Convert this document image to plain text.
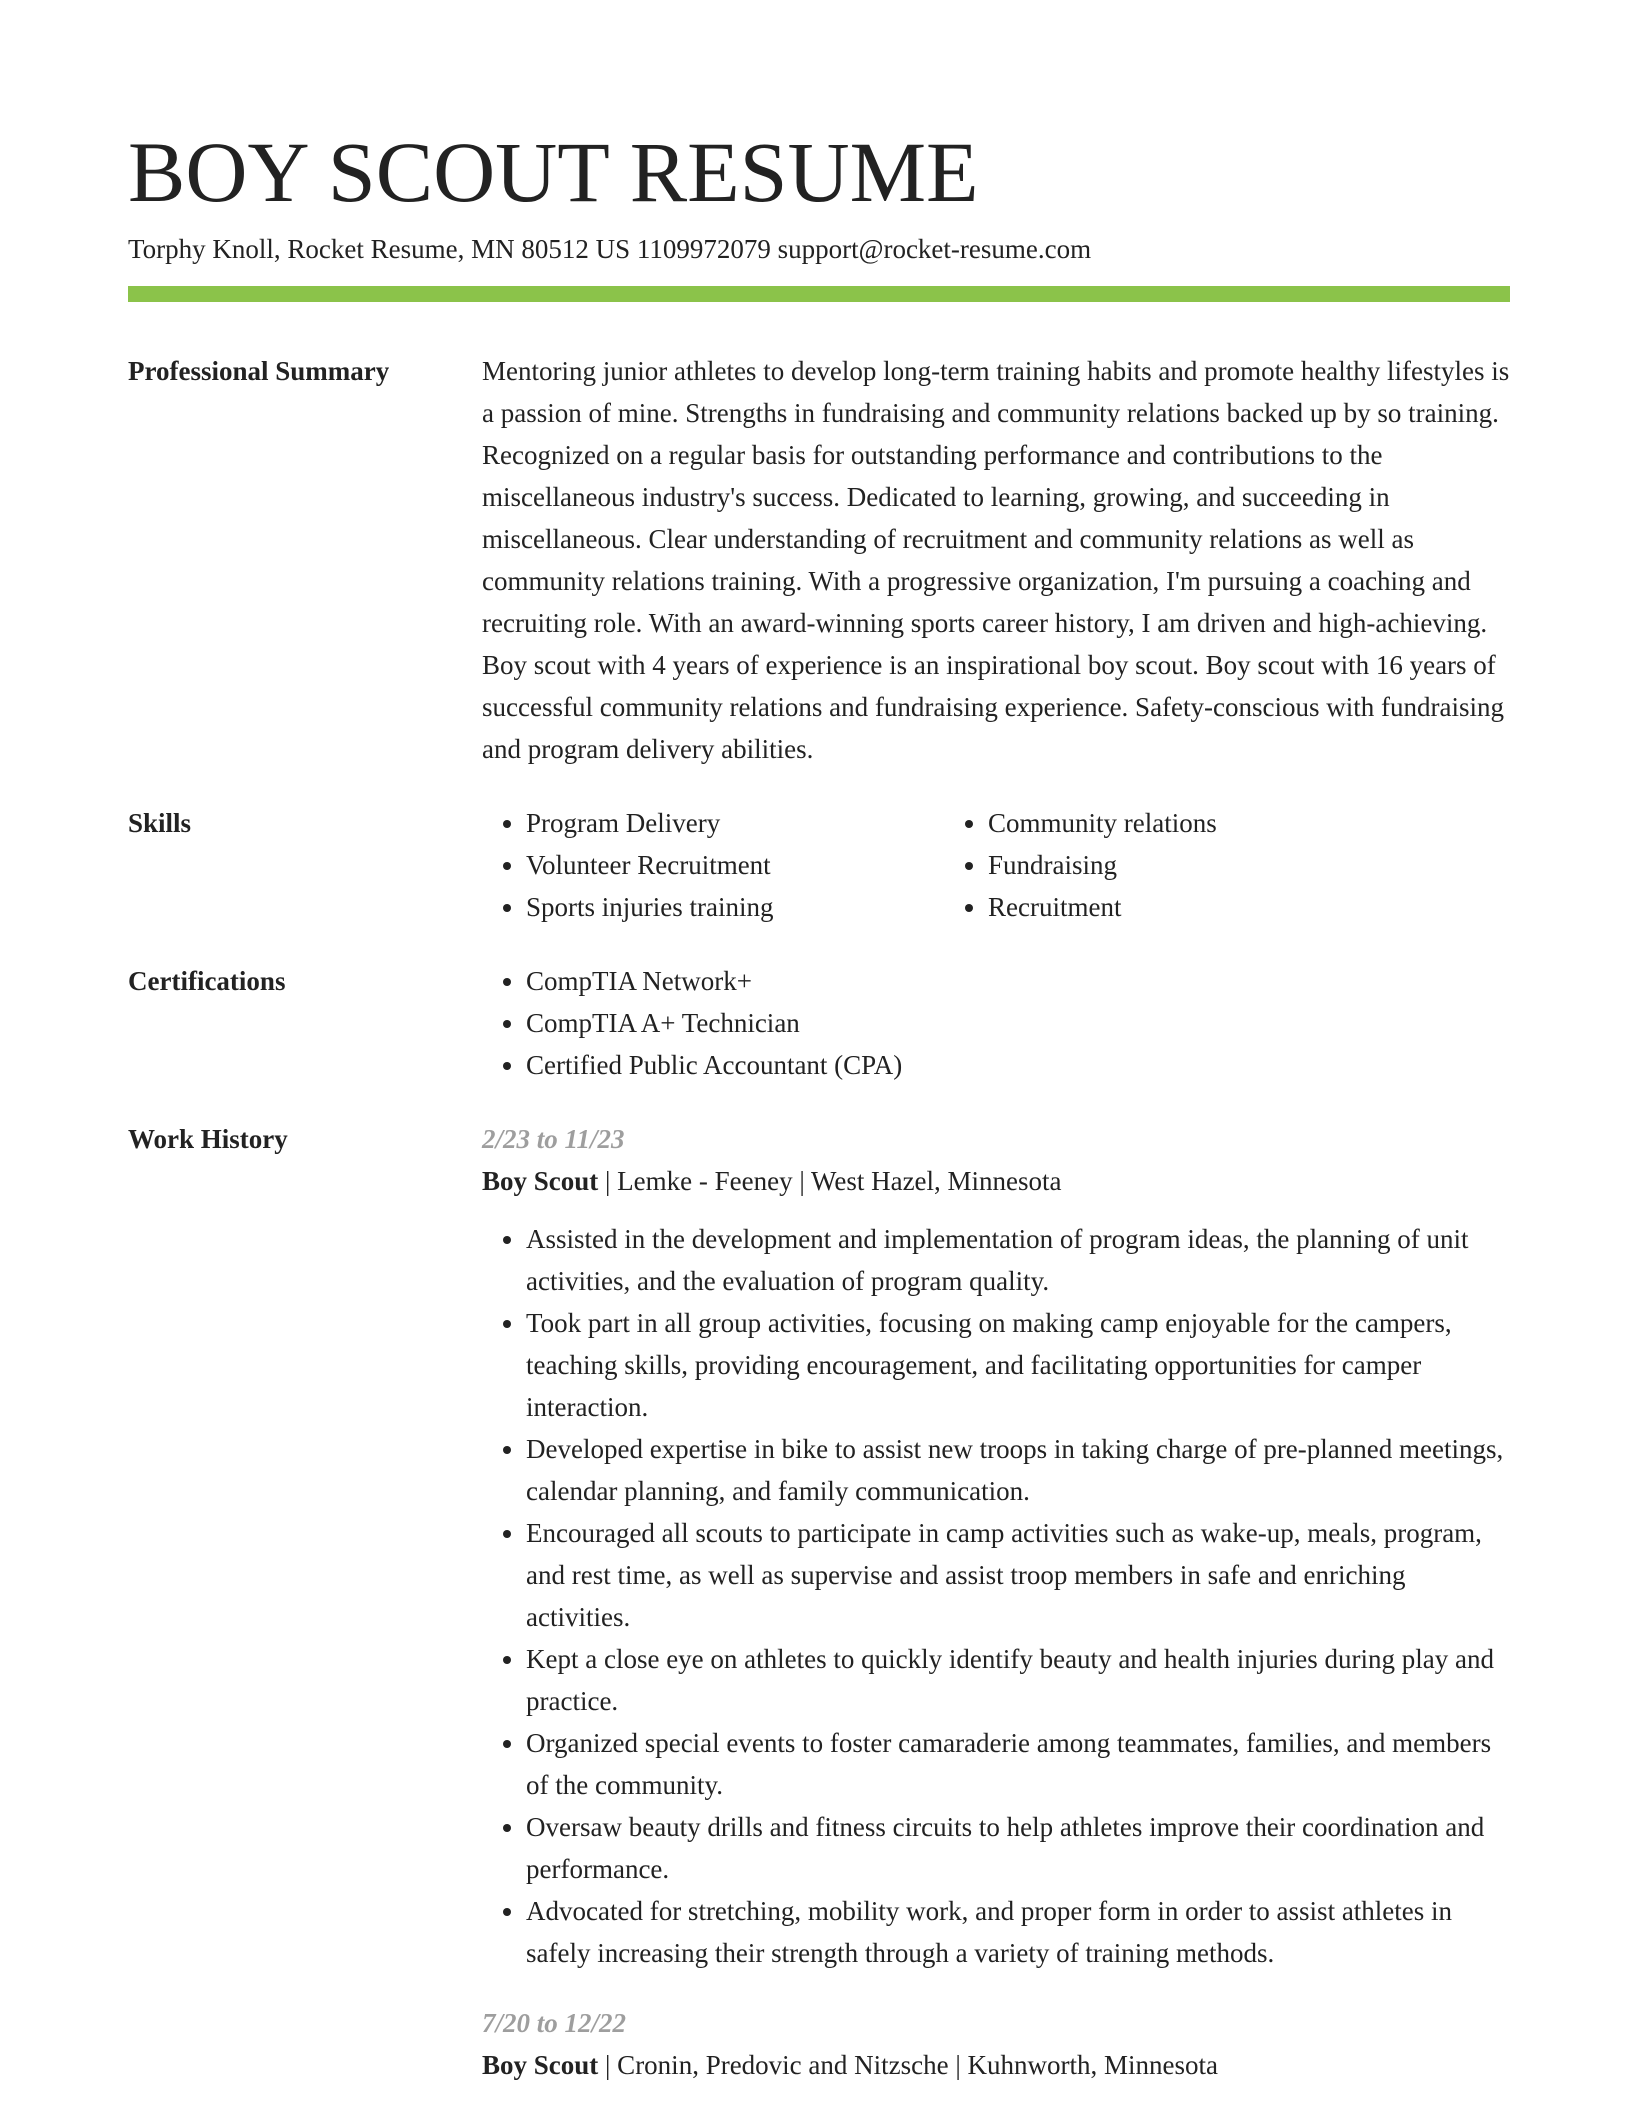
BOY SCOUT RESUME
Torphy Knoll, Rocket Resume, MN 80512 US 1109972079 support@rocket-resume.com
Professional Summary	Mentoring junior athletes to develop long-term training habits and promote healthy lifestyles is a passion of mine. Strengths in fundraising and community relations backed up by so training. Recognized on a regular basis for outstanding performance and contributions to the miscellaneous industry's success. Dedicated to learning, growing, and succeeding in miscellaneous. Clear understanding of recruitment and community relations as well as community relations training. With a progressive organization, I'm pursuing a coaching and recruiting role. With an award-winning sports career history, I am driven and high-achieving. Boy scout with 4 years of experience is an inspirational boy scout. Boy scout with 16 years of successful community relations and fundraising experience. Safety-conscious with fundraising and program delivery abilities.

Skills	• Program Delivery
• Volunteer Recruitment
• Sports injuries training
• Community relations
• Fundraising
• Recruitment
Certifications	• CompTIA Network+
• CompTIA A+ Technician
• Certified Public Accountant (CPA)
Work History	2/23 to 11/23
Boy Scout | Lemke - Feeney | West Hazel, Minnesota
• Assisted in the development and implementation of program ideas, the planning of unit activities, and the evaluation of program quality.
• Took part in all group activities, focusing on making camp enjoyable for the campers, teaching skills, providing encouragement, and facilitating opportunities for camper interaction.
• Developed expertise in bike to assist new troops in taking charge of pre-planned meetings, calendar planning, and family communication.
• Encouraged all scouts to participate in camp activities such as wake-up, meals, program, and rest time, as well as supervise and assist troop members in safe and enriching activities.
• Kept a close eye on athletes to quickly identify beauty and health injuries during play and practice.
• Organized special events to foster camaraderie among teammates, families, and members of the community.
• Oversaw beauty drills and fitness circuits to help athletes improve their coordination and performance.
• Advocated for stretching, mobility work, and proper form in order to assist athletes in safely increasing their strength through a variety of training methods.
7/20 to 12/22
Boy Scout | Cronin, Predovic and Nitzsche | Kuhnworth, Minnesota
